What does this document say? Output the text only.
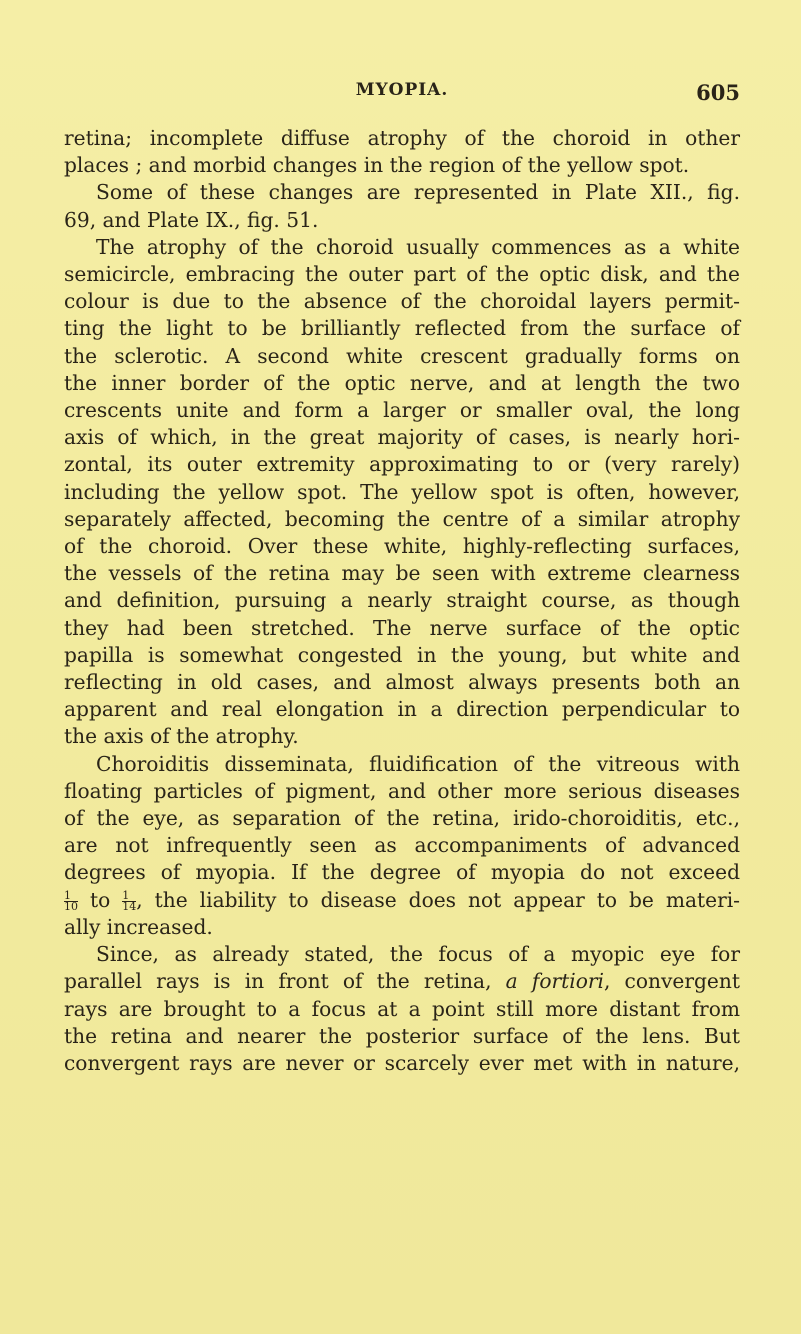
MYOPIA.	605
retina; incomplete diffuse atrophy of the choroid in other
places ; and morbid changes in the region of the yellow spot.
Some of these changes are represented in Plate XII., fig.
69, and Plate IX., fig. 51.
The atrophy of the choroid usually commences as a white
semicircle, embracing the outer part of the optic disk, and the
colour is due to the absence of the choroidal layers permit-
ting the light to be brilliantly reflected from the surface of
the sclerotic. A second white crescent gradually forms on
the inner border of the optic nerve, and at length the two
crescents unite and form a larger or smaller oval, the long
axis of which, in the great majority of cases, is nearly hori-
zontal, its outer extremity approximating to or (very rarely)
including the yellow spot. The yellow spot is often, however,
separately affected, becoming the centre of a similar atrophy
of the choroid. Over these white, highly-reflecting surfaces,
the vessels of the retina may be seen with extreme clearness
and definition, pursuing a nearly straight course, as though
they had been stretched. The nerve surface of the optic
papilla is somewhat congested in the young, but white and
reflecting in old cases, and almost always presents both an
apparent and real elongation in a direction perpendicular to
the axis of the atrophy.
Choroiditis disseminata, fluidification of the vitreous with
floating particles of pigment, and other more serious diseases
of the eye, as separation of the retina, irido-choroiditis, etc.,
are not infrequently seen as accompaniments of advanced
degrees of myopia. If the degree of myopia do not exceed
$\frac{1}{10}$ to $\frac{1}{14}$ , the liability to disease does not appear to be materi-
ally increased.
Since, as already stated, the focus of a myopic eye for
parallel rays is in front of the retina, a fortiori, convergent
rays are brought to a focus at a point still more distant from
the retina and nearer the posterior surface of the lens. But
convergent rays are never or scarcely ever met with in nature,
